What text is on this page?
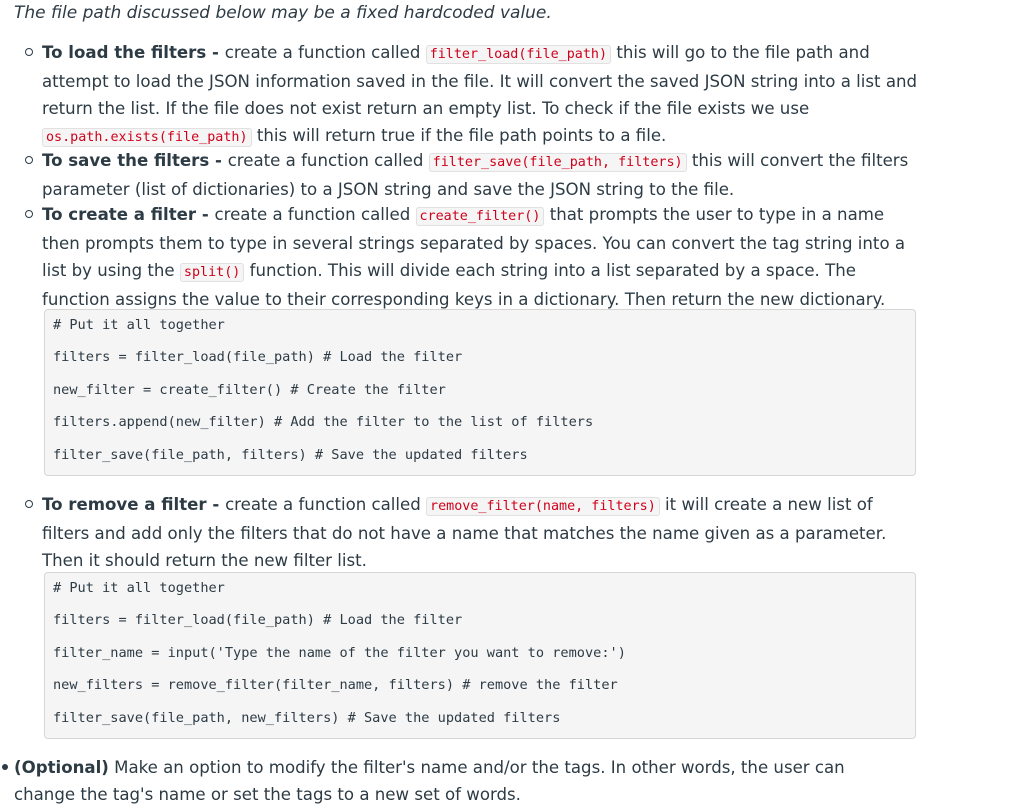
The file path discussed below may be a fixed hardcoded value.

To load the filters - create a function called filter_load(file_path) this will go to the file path and attempt to load the JSON information saved in the file. It will convert the saved JSON string into a list and return the list. If the file does not exist return an empty list. To check if the file exists we use os.path.exists(file_path) this will return true if the file path points to a file.
To save the filters - create a function called filter_save(file_path, filters) this will convert the filters parameter (list of dictionaries) to a JSON string and save the JSON string to the file.
To create a filter - create a function called create_filter() that prompts the user to type in a name then prompts them to type in several strings separated by spaces. You can convert the tag string into a list by using the split() function. This will divide each string into a list separated by a space. The function assigns the value to their corresponding keys in a dictionary. Then return the new dictionary.
# Put it all together
filters = filter_load(file_path) # Load the filter
new_filter = create_filter() # Create the filter
filters.append(new_filter) # Add the filter to the list of filters
filter_save(file_path, filters) # Save the updated filters
To remove a filter - create a function called remove_filter(name, filters) it will create a new list of filters and add only the filters that do not have a name that matches the name given as a parameter. Then it should return the new filter list.
# Put it all together
filters = filter_load(file_path) # Load the filter
filter_name = input('Type the name of the filter you want to remove:')
new_filters = remove_filter(filter_name, filters) # remove the filter
filter_save(file_path, new_filters) # Save the updated filters
(Optional) Make an option to modify the filter's name and/or the tags. In other words, the user can change the tag's name or set the tags to a new set of words.
